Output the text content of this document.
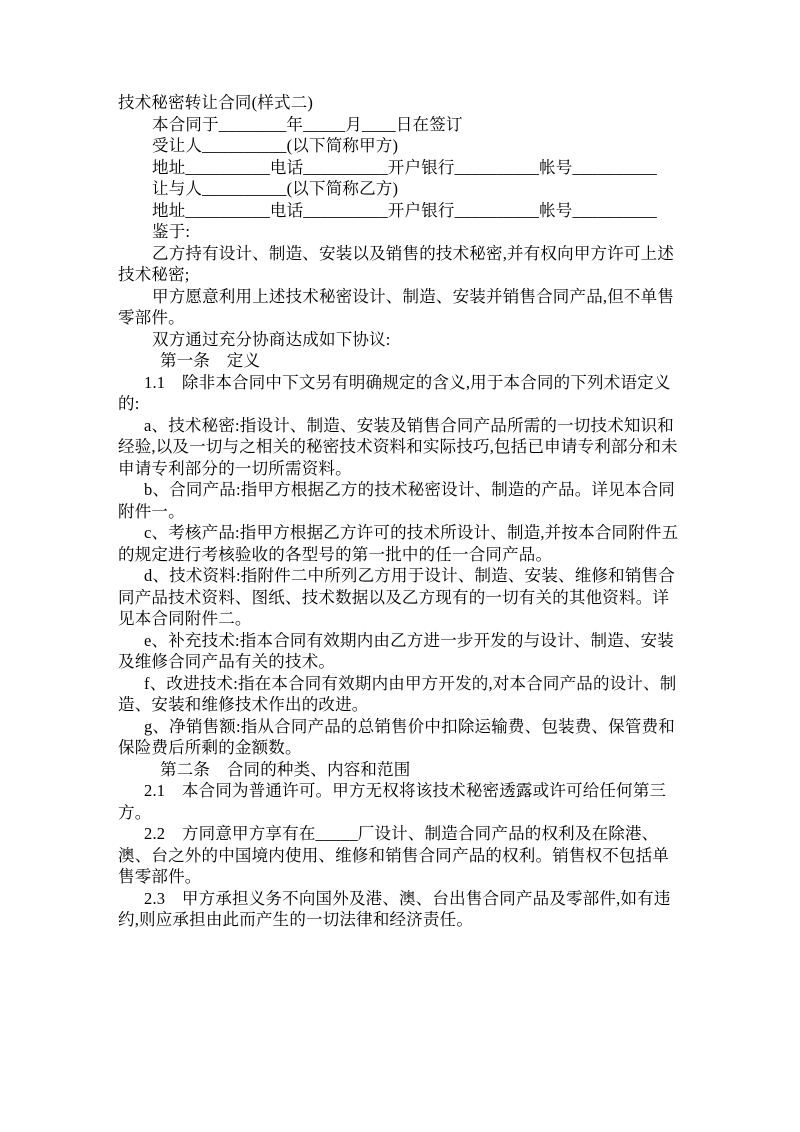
技术秘密转让合同(样式二)

本合同于________年_____月____日在签订

受让人__________(以下简称甲方)

地址__________电话__________开户银行__________帐号__________

让与人__________(以下简称乙方)

地址__________电话__________开户银行__________帐号__________

鉴于:

乙方持有设计、制造、安装以及销售的技术秘密,并有权向甲方许可上述技术秘密;

甲方愿意利用上述技术秘密设计、制造、安装并销售合同产品,但不单售零部件。

双方通过充分协商达成如下协议:

第一条　定义

1.1　除非本合同中下文另有明确规定的含义,用于本合同的下列术语定义的:

a、技术秘密:指设计、制造、安装及销售合同产品所需的一切技术知识和经验,以及一切与之相关的秘密技术资料和实际技巧,包括已申请专利部分和未申请专利部分的一切所需资料。

b、合同产品:指甲方根据乙方的技术秘密设计、制造的产品。详见本合同附件一。

c、考核产品:指甲方根据乙方许可的技术所设计、制造,并按本合同附件五的规定进行考核验收的各型号的第一批中的任一合同产品。

d、技术资料:指附件二中所列乙方用于设计、制造、安装、维修和销售合同产品技术资料、图纸、技术数据以及乙方现有的一切有关的其他资料。详见本合同附件二。

e、补充技术:指本合同有效期内由乙方进一步开发的与设计、制造、安装及维修合同产品有关的技术。

f、改进技术:指在本合同有效期内由甲方开发的,对本合同产品的设计、制造、安装和维修技术作出的改进。

g、净销售额:指从合同产品的总销售价中扣除运输费、包装费、保管费和保险费后所剩的金额数。

第二条　合同的种类、内容和范围

2.1　本合同为普通许可。甲方无权将该技术秘密透露或许可给任何第三方。

2.2　方同意甲方享有在_____厂设计、制造合同产品的权利及在除港、澳、台之外的中国境内使用、维修和销售合同产品的权利。销售权不包括单售零部件。

2.3　甲方承担义务不向国外及港、澳、台出售合同产品及零部件,如有违约,则应承担由此而产生的一切法律和经济责任。
